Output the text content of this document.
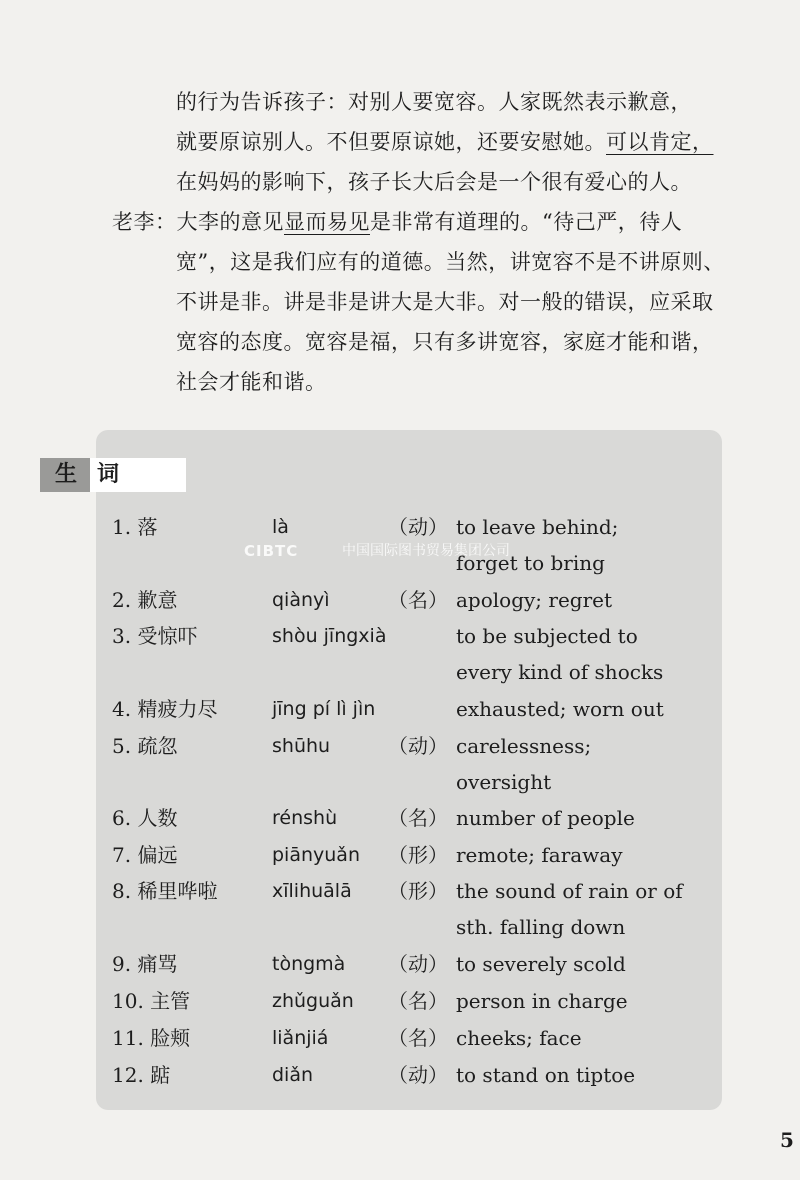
的行为告诉孩子：对别人要宽容。人家既然表示歉意，
就要原谅别人。不但要原谅她，还要安慰她。可以肯定，
在妈妈的影响下，孩子长大后会是一个很有爱心的人。
老李：大李的意见显而易见是非常有道理的。“待己严，待人
宽”，这是我们应有的道德。当然，讲宽容不是不讲原则、
不讲是非。讲是非是讲大是大非。对一般的错误，应采取
宽容的态度。宽容是福，只有多讲宽容，家庭才能和谐，
社会才能和谐。
生 词
CIBTC	中国国际图书贸易集团公司
1. 落	là	（动） to leave behind;
forget to bring
2. 歉意	qiànyì	（名） apology; regret
3. 受惊吓	shòu jīngxià	to be subjected to
every kind of shocks
4. 精疲力尽	jīng pí lì jìn	exhausted; worn out
5. 疏忽	shūhu	（动） carelessness;
oversight
6. 人数	rénshù	（名） number of people
7. 偏远	piānyuǎn （形） remote; faraway
8. 稀里哗啦	xīlihuālā （形） the sound of rain or of
sth. falling down
9. 痛骂	tòngmà （动） to severely scold
10. 主管	zhǔguǎn （名） person in charge
11. 脸颊	liǎnjiá	（名） cheeks; face
12. 踮	diǎn	（动） to stand on tiptoe
5
